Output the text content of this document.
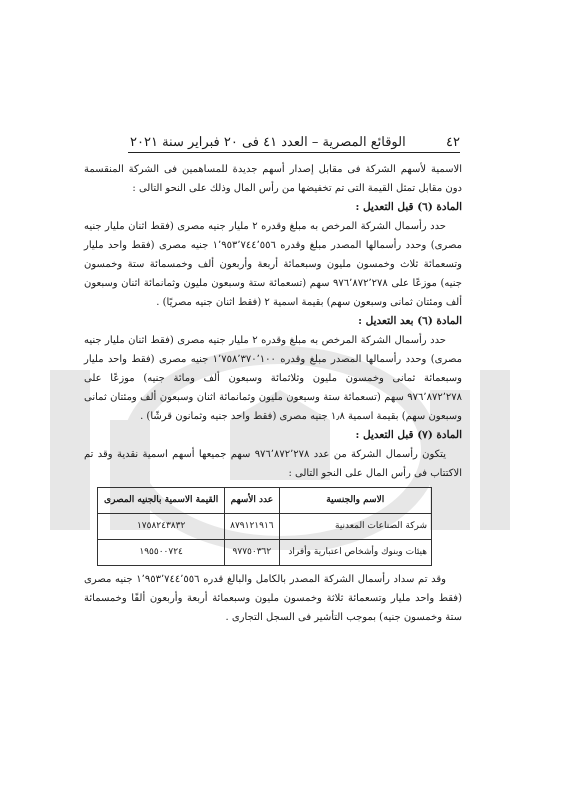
٤٢
الوقائع المصرية – العدد ٤١ فى ٢٠ فبراير سنة ٢٠٢١

الاسمية لأسهم الشركة فى مقابل إصدار أسهم جديدة للمساهمين فى الشركة المنقسمة دون مقابل تمثل القيمة التى تم تخفيضها من رأس المال وذلك على النحو التالى :

المادة (٦) قبل التعديل :

حدد رأسمال الشركة المرخص به مبلغ وقدره ٢ مليار جنيه مصرى (فقط اثنان مليار جنيه مصرى) وحدد رأسمالها المصدر مبلغ وقدره ١٬٩٥٣٬٧٤٤٬٥٥٦ جنيه مصرى (فقط واحد مليار وتسعمائة ثلاث وخمسون مليون وسبعمائة أربعة وأربعون ألف وخمسمائة ستة وخمسون جنيه) موزعًا على ٩٧٦٬٨٧٢٬٢٧٨ سهم (تسعمائة ستة وسبعون مليون وثمانمائة اثنان وسبعون ألف ومئتان ثمانى وسبعون سهم) بقيمة اسمية ٢ (فقط اثنان جنيه مصريًا) .

المادة (٦) بعد التعديل :

حدد رأسمال الشركة المرخص به مبلغ وقدره ٢ مليار جنيه مصرى (فقط اثنان مليار جنيه مصرى) وحدد رأسمالها المصدر مبلغ وقدره ١٬٧٥٨٬٣٧٠٬١٠٠ جنيه مصرى (فقط واحد مليار وسبعمائة ثمانى وخمسون مليون وثلاثمائة وسبعون ألف ومائة جنيه) موزعًا على ٩٧٦٬٨٧٢٬٢٧٨ سهم (تسعمائة ستة وسبعون مليون وثمانمائة اثنان وسبعون ألف ومئتان ثمانى وسبعون سهم) بقيمة اسمية ١٫٨ جنيه مصرى (فقط واحد جنيه وثمانون قرشًا) .

المادة (٧) قبل التعديل :

يتكون رأسمال الشركة من عدد ٩٧٦٬٨٧٢٬٢٧٨ سهم جميعها أسهم اسمية نقدية وقد تم الاكتتاب فى رأس المال على النحو التالى :

الاسم والجنسية	عدد الأسهم	القيمة الاسمية بالجنيه المصرى
شركة الصناعات المعدنية	٨٧٩١٢١٩١٦	١٧٥٨٢٤٣٨٣٢
هيئات وبنوك وأشخاص اعتبارية وأفراد	٩٧٧٥٠٣٦٢	١٩٥٥٠٠٧٢٤

وقد تم سداد رأسمال الشركة المصدر بالكامل والبالغ قدره ١٬٩٥٣٬٧٤٤٬٥٥٦ جنيه مصرى (فقط واحد مليار وتسعمائة ثلاثة وخمسون مليون وسبعمائة أربعة وأربعون ألفًا وخمسمائة ستة وخمسون جنيه) بموجب التأشير فى السجل التجارى .
